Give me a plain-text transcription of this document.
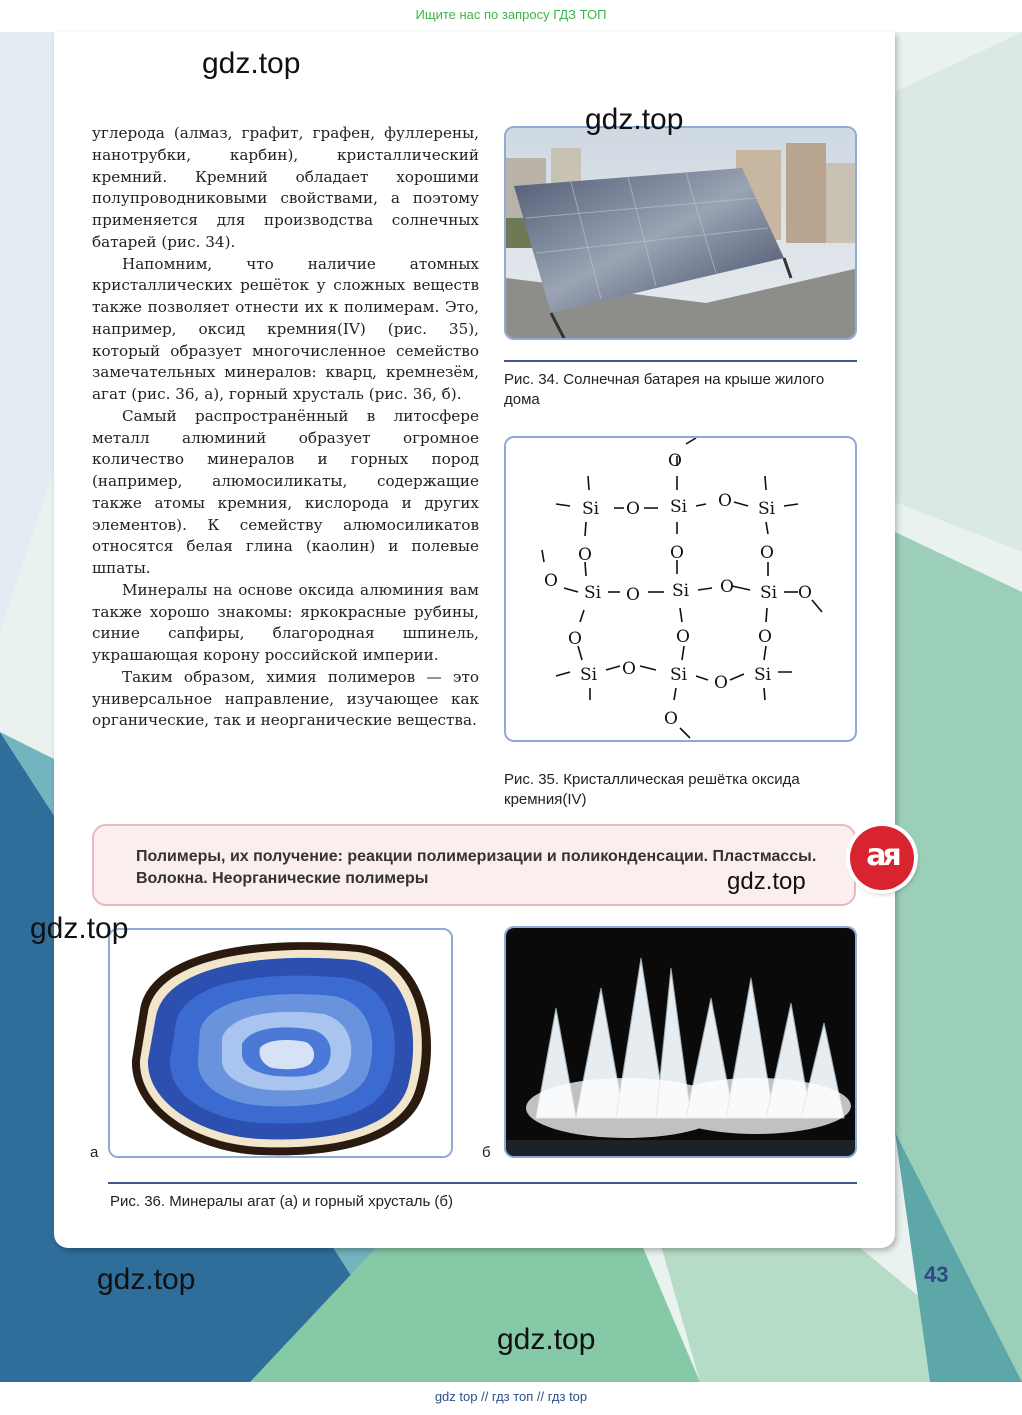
Ищите нас по запросу ГДЗ ТОП

углерода (алмаз, графит, графен, фуллерены, нанотрубки, карбин), кристаллический кремний. Кремний обладает хорошими полупроводниковыми свойствами, а поэтому применяется для производства солнечных батарей (рис. 34).

Напомним, что наличие атомных кристаллических решёток у сложных веществ также позволяет отнести их к полимерам. Это, например, оксид кремния(IV) (рис. 35), который образует многочисленное семейство замечательных минералов: кварц, кремнезём, агат (рис. 36, а), горный хрусталь (рис. 36, б).

Самый распространённый в литосфере металл алюминий образует огромное количество минералов и горных пород (например, алюмосиликаты, содержащие также атомы кремния, кислорода и других элементов). К семейству алюмосиликатов относятся белая глина (каолин) и полевые шпаты.

Минералы на основе оксида алюминия вам также хорошо знакомы: яркокрасные рубины, синие сапфиры, благородная шпинель, украшающая корону российской империи.

Таким образом, химия полимеров — это универсальное направление, изучающее как органические, так и неорганические вещества.

Рис. 34. Солнечная батарея на крыше жилого дома
O
Si O Si O Si
O	O	O
O
Si O Si O Si O
O	O	O
Si O Si O Si
O
Рис. 35. Кристаллическая решётка оксида кремния(IV)
Полимеры, их получение: реакции полимеризации и поликонденсации. Пластмассы. Волокна. Неорганические полимеры
ая
а	б
Рис. 36. Минералы агат (а) и горный хрусталь (б)
43
gdz.top
gdz.top
gdz.top
gdz.top
gdz.top
gdz.top
gdz top // гдз топ // гдз top
